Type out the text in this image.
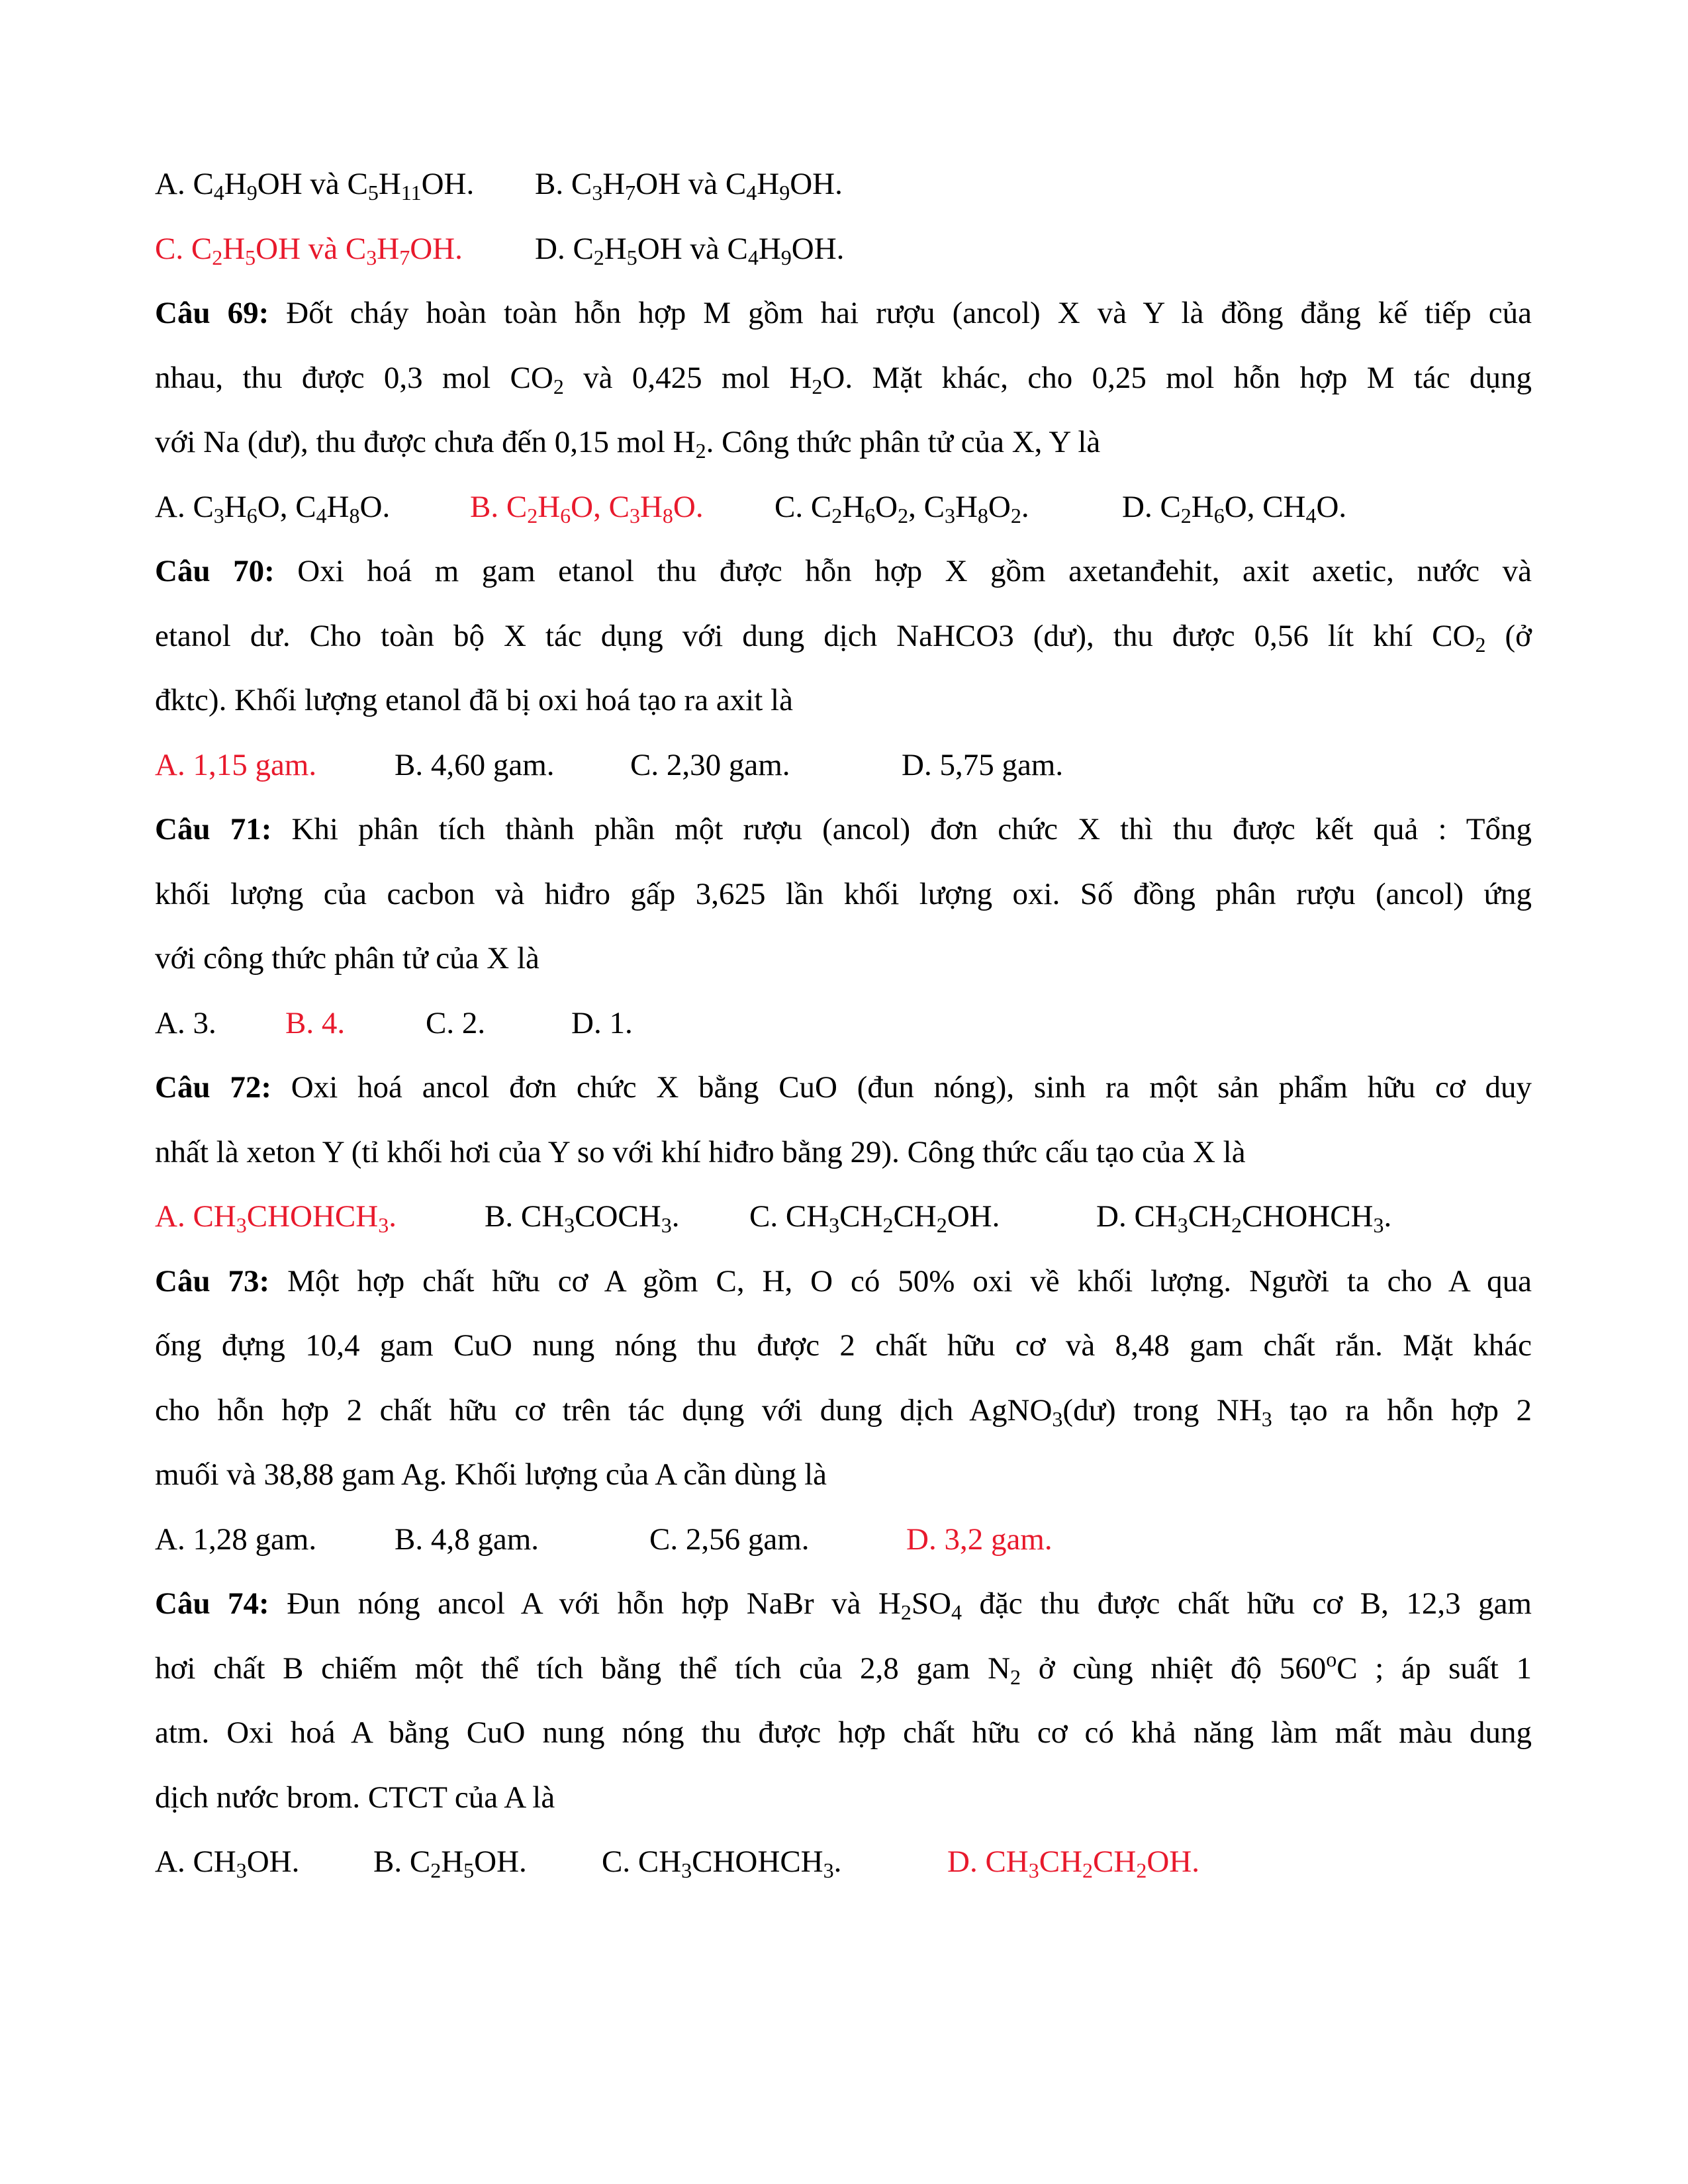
A. $C_4H_9OH$ và $C_5H_{11}OH$. B. $C_3H_7OH$ và $C_4H_9OH$.
C. $C_2H_5OH$ và $C_3H_7OH$. D. $C_2H_5OH$ và $C_4H_9OH$.
Câu 69: Đốt cháy hoàn toàn hỗn hợp M gồm hai rượu (ancol) X và Y là đồng đẳng kế tiếp của
nhau, thu được 0,3 mol $CO_2$ và 0,425 mol $H_2O$. Mặt khác, cho 0,25 mol hỗn hợp M tác dụng
với Na (dư), thu được chưa đến 0,15 mol $H_2$. Công thức phân tử của X, Y là
A. $C_3H_6O$, $C_4H_8O$.	B. $C_2H_6O$, $C_3H_8O$. C. $C_2H_6O_2$, $C_3H_8O_2$.	D. $C_2H_6O$, $CH_4O$.
Câu 70: Oxi hoá m gam etanol thu được hỗn hợp X gồm axetanđehit, axit axetic, nước và
etanol dư. Cho toàn bộ X tác dụng với dung dịch NaHCO3 (dư), thu được 0,56 lít khí $CO_2$ (ở
đktc). Khối lượng etanol đã bị oxi hoá tạo ra axit là
A. 1,15 gam.	B. 4,60 gam. C. 2,30 gam.	D. 5,75 gam.
Câu 71: Khi phân tích thành phần một rượu (ancol) đơn chức X thì thu được kết quả : Tổng
khối lượng của cacbon và hiđro gấp 3,625 lần khối lượng oxi. Số đồng phân rượu (ancol) ứng
với công thức phân tử của X là
A. 3. B. 4.	C. 2.	D. 1.
Câu 72: Oxi hoá ancol đơn chức X bằng CuO (đun nóng), sinh ra một sản phẩm hữu cơ duy
nhất là xeton Y (tỉ khối hơi của Y so với khí hiđro bằng 29). Công thức cấu tạo của X là
A. $CH_3CHOHCH_3$.	B. $CH_3COCH_3$. C. $CH_3CH_2CH_2OH$.	D. $CH_3CH_2CHOHCH_3$.
Câu 73: Một hợp chất hữu cơ A gồm C, H, O có 50% oxi về khối lượng. Người ta cho A qua
ống đựng 10,4 gam CuO nung nóng thu được 2 chất hữu cơ và 8,48 gam chất rắn. Mặt khác
cho hỗn hợp 2 chất hữu cơ trên tác dụng với dung dịch AgNO$_3$(dư) trong $NH_3$ tạo ra hỗn hợp 2
muối và 38,88 gam Ag. Khối lượng của A cần dùng là
A. 1,28 gam.	B. 4,8 gam.	C. 2,56 gam.	D. 3,2 gam.
Câu 74: Đun nóng ancol A với hỗn hợp NaBr và $H_2SO_4$ đặc thu được chất hữu cơ B, 12,3 gam
hơi chất B chiếm một thể tích bằng thể tích của 2,8 gam $N_2$ ở cùng nhiệt độ 560$^o$C ; áp suất 1
atm. Oxi hoá A bằng CuO nung nóng thu được hợp chất hữu cơ có khả năng làm mất màu dung
dịch nước brom. CTCT của A là
A. $CH_3OH$. B. $C_2H_5OH$. C. $CH_3CHOHCH_3$.	D. $CH_3CH_2CH_2OH$.
